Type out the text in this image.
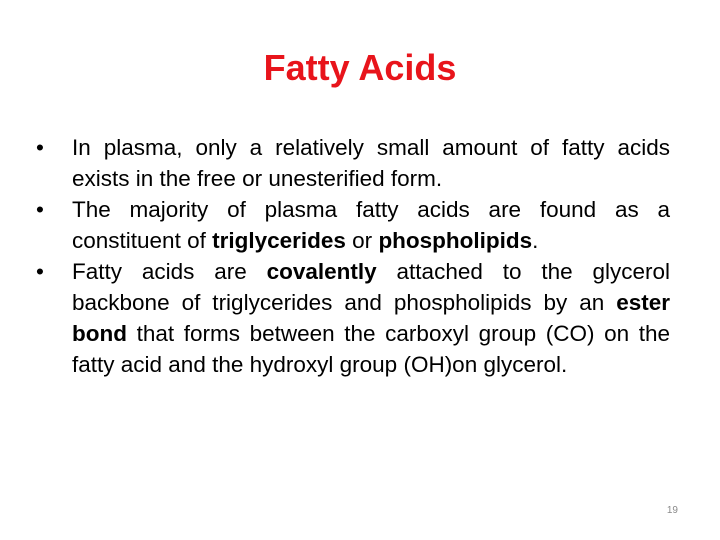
Fatty Acids
•	In plasma, only a relatively small amount of fatty acids exists in the free or unesterified form.
•	The majority of plasma fatty acids are found as a constituent of triglycerides or phospholipids.
•	Fatty acids are covalently attached to the glycerol backbone of triglycerides and phospholipids by an ester bond that forms between the carboxyl group (CO) on the fatty acid and the hydroxyl group (OH)on glycerol.
19
